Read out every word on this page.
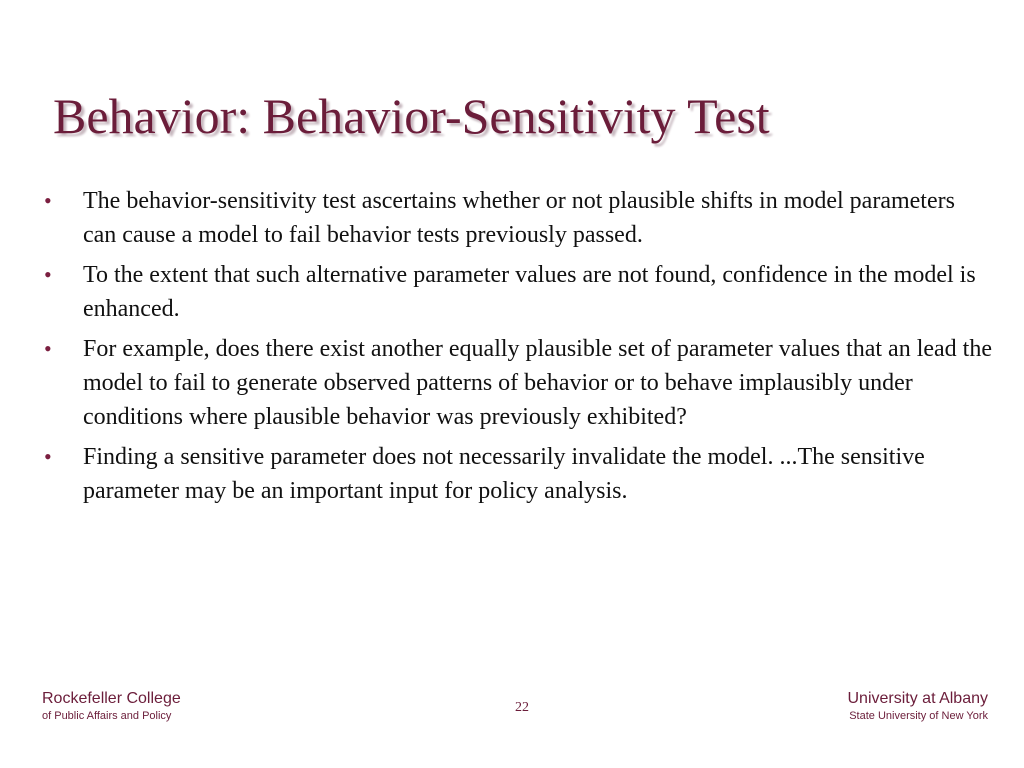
Behavior: Behavior-Sensitivity Test
• The behavior-sensitivity test ascertains whether or not plausible shifts in model parameters can cause a model to fail behavior tests previously passed.
• To the extent that such alternative parameter values are not found, confidence in the model is enhanced.
• For example, does there exist another equally plausible set of parameter values that an lead the model to fail to generate observed patterns of behavior or to behave implausibly under conditions where plausible behavior was previously exhibited?
• Finding a sensitive parameter does not necessarily invalidate the model. ...The sensitive parameter may be an important input for policy analysis.
Rockefeller College
of Public Affairs and Policy
22
University at Albany
State University of New York
